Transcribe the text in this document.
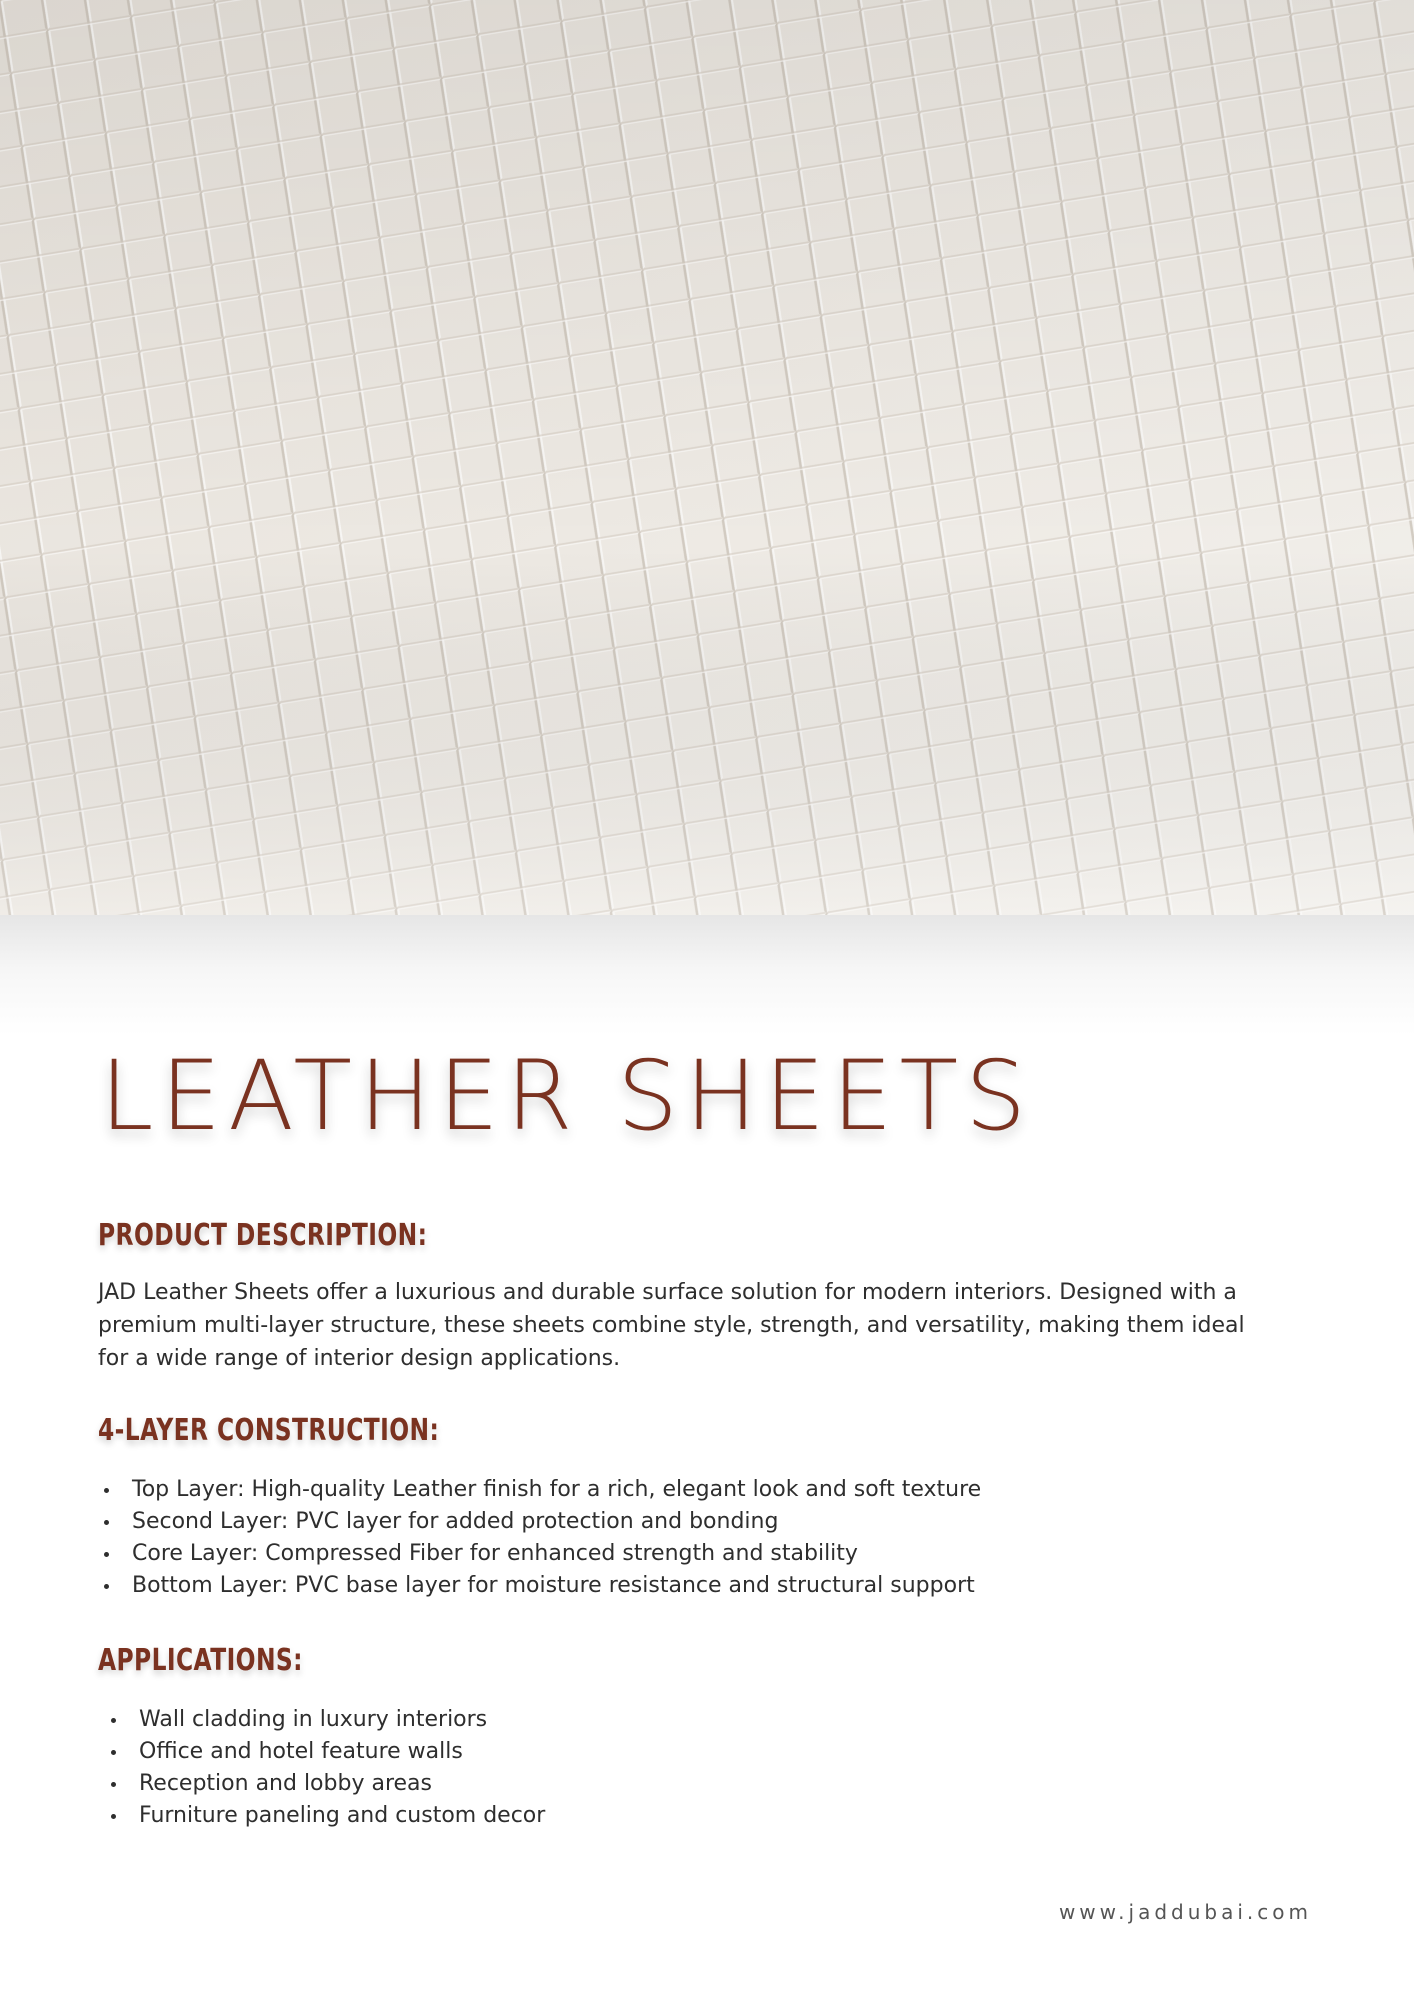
LEATHER SHEETS
PRODUCT DESCRIPTION:

JAD Leather Sheets offer a luxurious and durable surface solution for modern interiors. Designed with a premium multi-layer structure, these sheets combine style, strength, and versatility, making them ideal for a wide range of interior design applications.

4-LAYER CONSTRUCTION:
Top Layer: High-quality Leather finish for a rich, elegant look and soft texture
Second Layer: PVC layer for added protection and bonding
Core Layer: Compressed Fiber for enhanced strength and stability
Bottom Layer: PVC base layer for moisture resistance and structural support
APPLICATIONS:
Wall cladding in luxury interiors
Office and hotel feature walls
Reception and lobby areas
Furniture paneling and custom decor

www.jaddubai.com
